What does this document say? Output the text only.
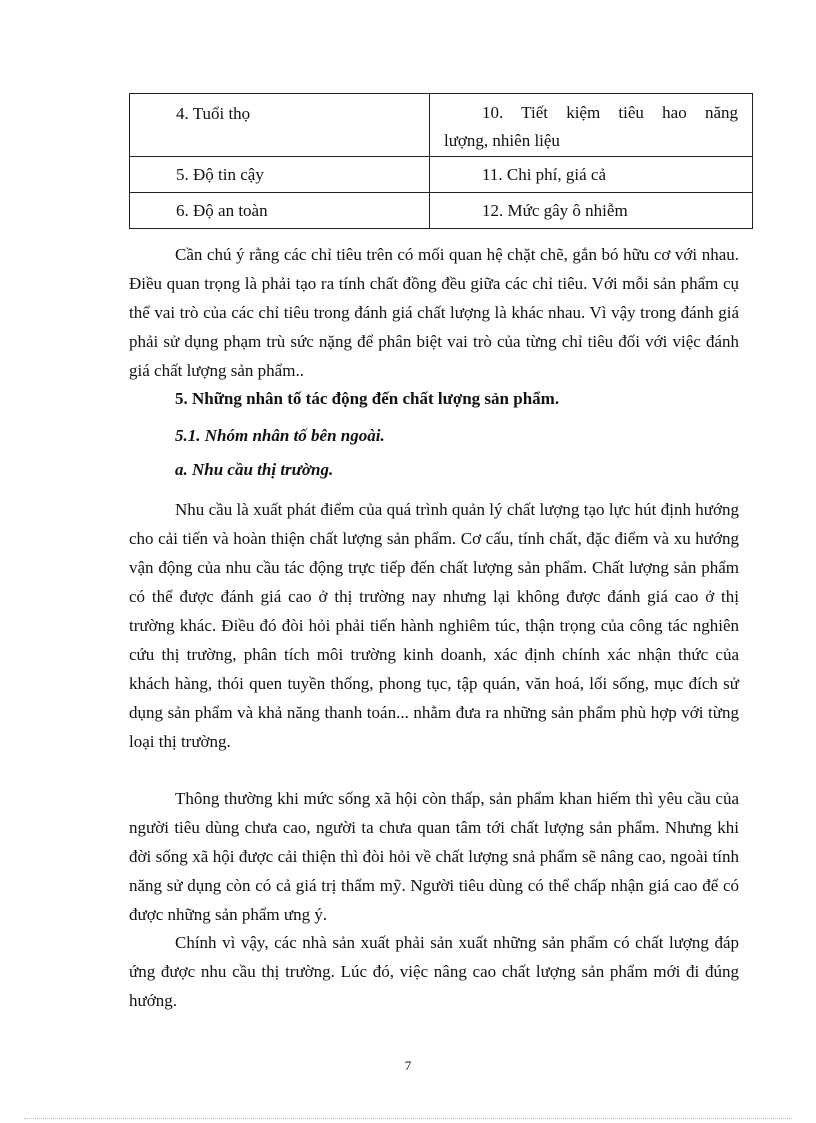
4. Tuổi thọ	10. Tiết kiệm tiêu hao năng
lượng, nhiên liệu
5. Độ tin cậy	11. Chi phí, giá cả

6. Độ an toàn	12. Mức gây ô nhiễm

Cần chú ý rằng các chỉ tiêu trên có mối quan hệ chặt chẽ, gắn bó hữu cơ với nhau. Điều quan trọng là phải tạo ra tính chất đồng đều giữa các chỉ tiêu. Với mỗi sản phẩm cụ thể vai trò của các chỉ tiêu trong đánh giá chất lượng là khác nhau. Vì vậy trong đánh giá phải sử dụng phạm trù sức nặng để phân biệt vai trò của từng chỉ tiêu đối với việc đánh giá chất lượng sản phẩm..

5. Những nhân tố tác động đến chất lượng sản phẩm.
5.1. Nhóm nhân tố bên ngoài.
a. Nhu cầu thị trường.

Nhu cầu là xuất phát điểm của quá trình quản lý chất lượng tạo lực hút định hướng cho cải tiến và hoàn thiện chất lượng sản phẩm. Cơ cấu, tính chất, đặc điểm và xu hướng vận động của nhu cầu tác động trực tiếp đến chất lượng sản phẩm. Chất lượng sản phẩm có thể được đánh giá cao ở thị trường nay nhưng lại không được đánh giá cao ở thị trường khác. Điều đó đòi hỏi phải tiến hành nghiêm túc, thận trọng của công tác nghiên cứu thị trường, phân tích môi trường kinh doanh, xác định chính xác nhận thức của khách hàng, thói quen tuyền thống, phong tục, tập quán, văn hoá, lối sống, mục đích sử dụng sản phẩm và khả năng thanh toán... nhằm đưa ra những sản phẩm phù hợp với từng loại thị trường.

Thông thường khi mức sống xã hội còn thấp, sản phẩm khan hiếm thì yêu cầu của người tiêu dùng chưa cao, người ta chưa quan tâm tới chất lượng sản phẩm. Nhưng khi đời sống xã hội được cải thiện thì đòi hỏi về chất lượng snả phẩm sẽ nâng cao, ngoài tính năng sử dụng còn có cả giá trị thẩm mỹ. Người tiêu dùng có thể chấp nhận giá cao để có được những sản phẩm ưng ý.

Chính vì vậy, các nhà sản xuất phải sản xuất những sản phẩm có chất lượng đáp ứng được nhu cầu thị trường. Lúc đó, việc nâng cao chất lượng sản phẩm mới đi đúng hướng.

7
